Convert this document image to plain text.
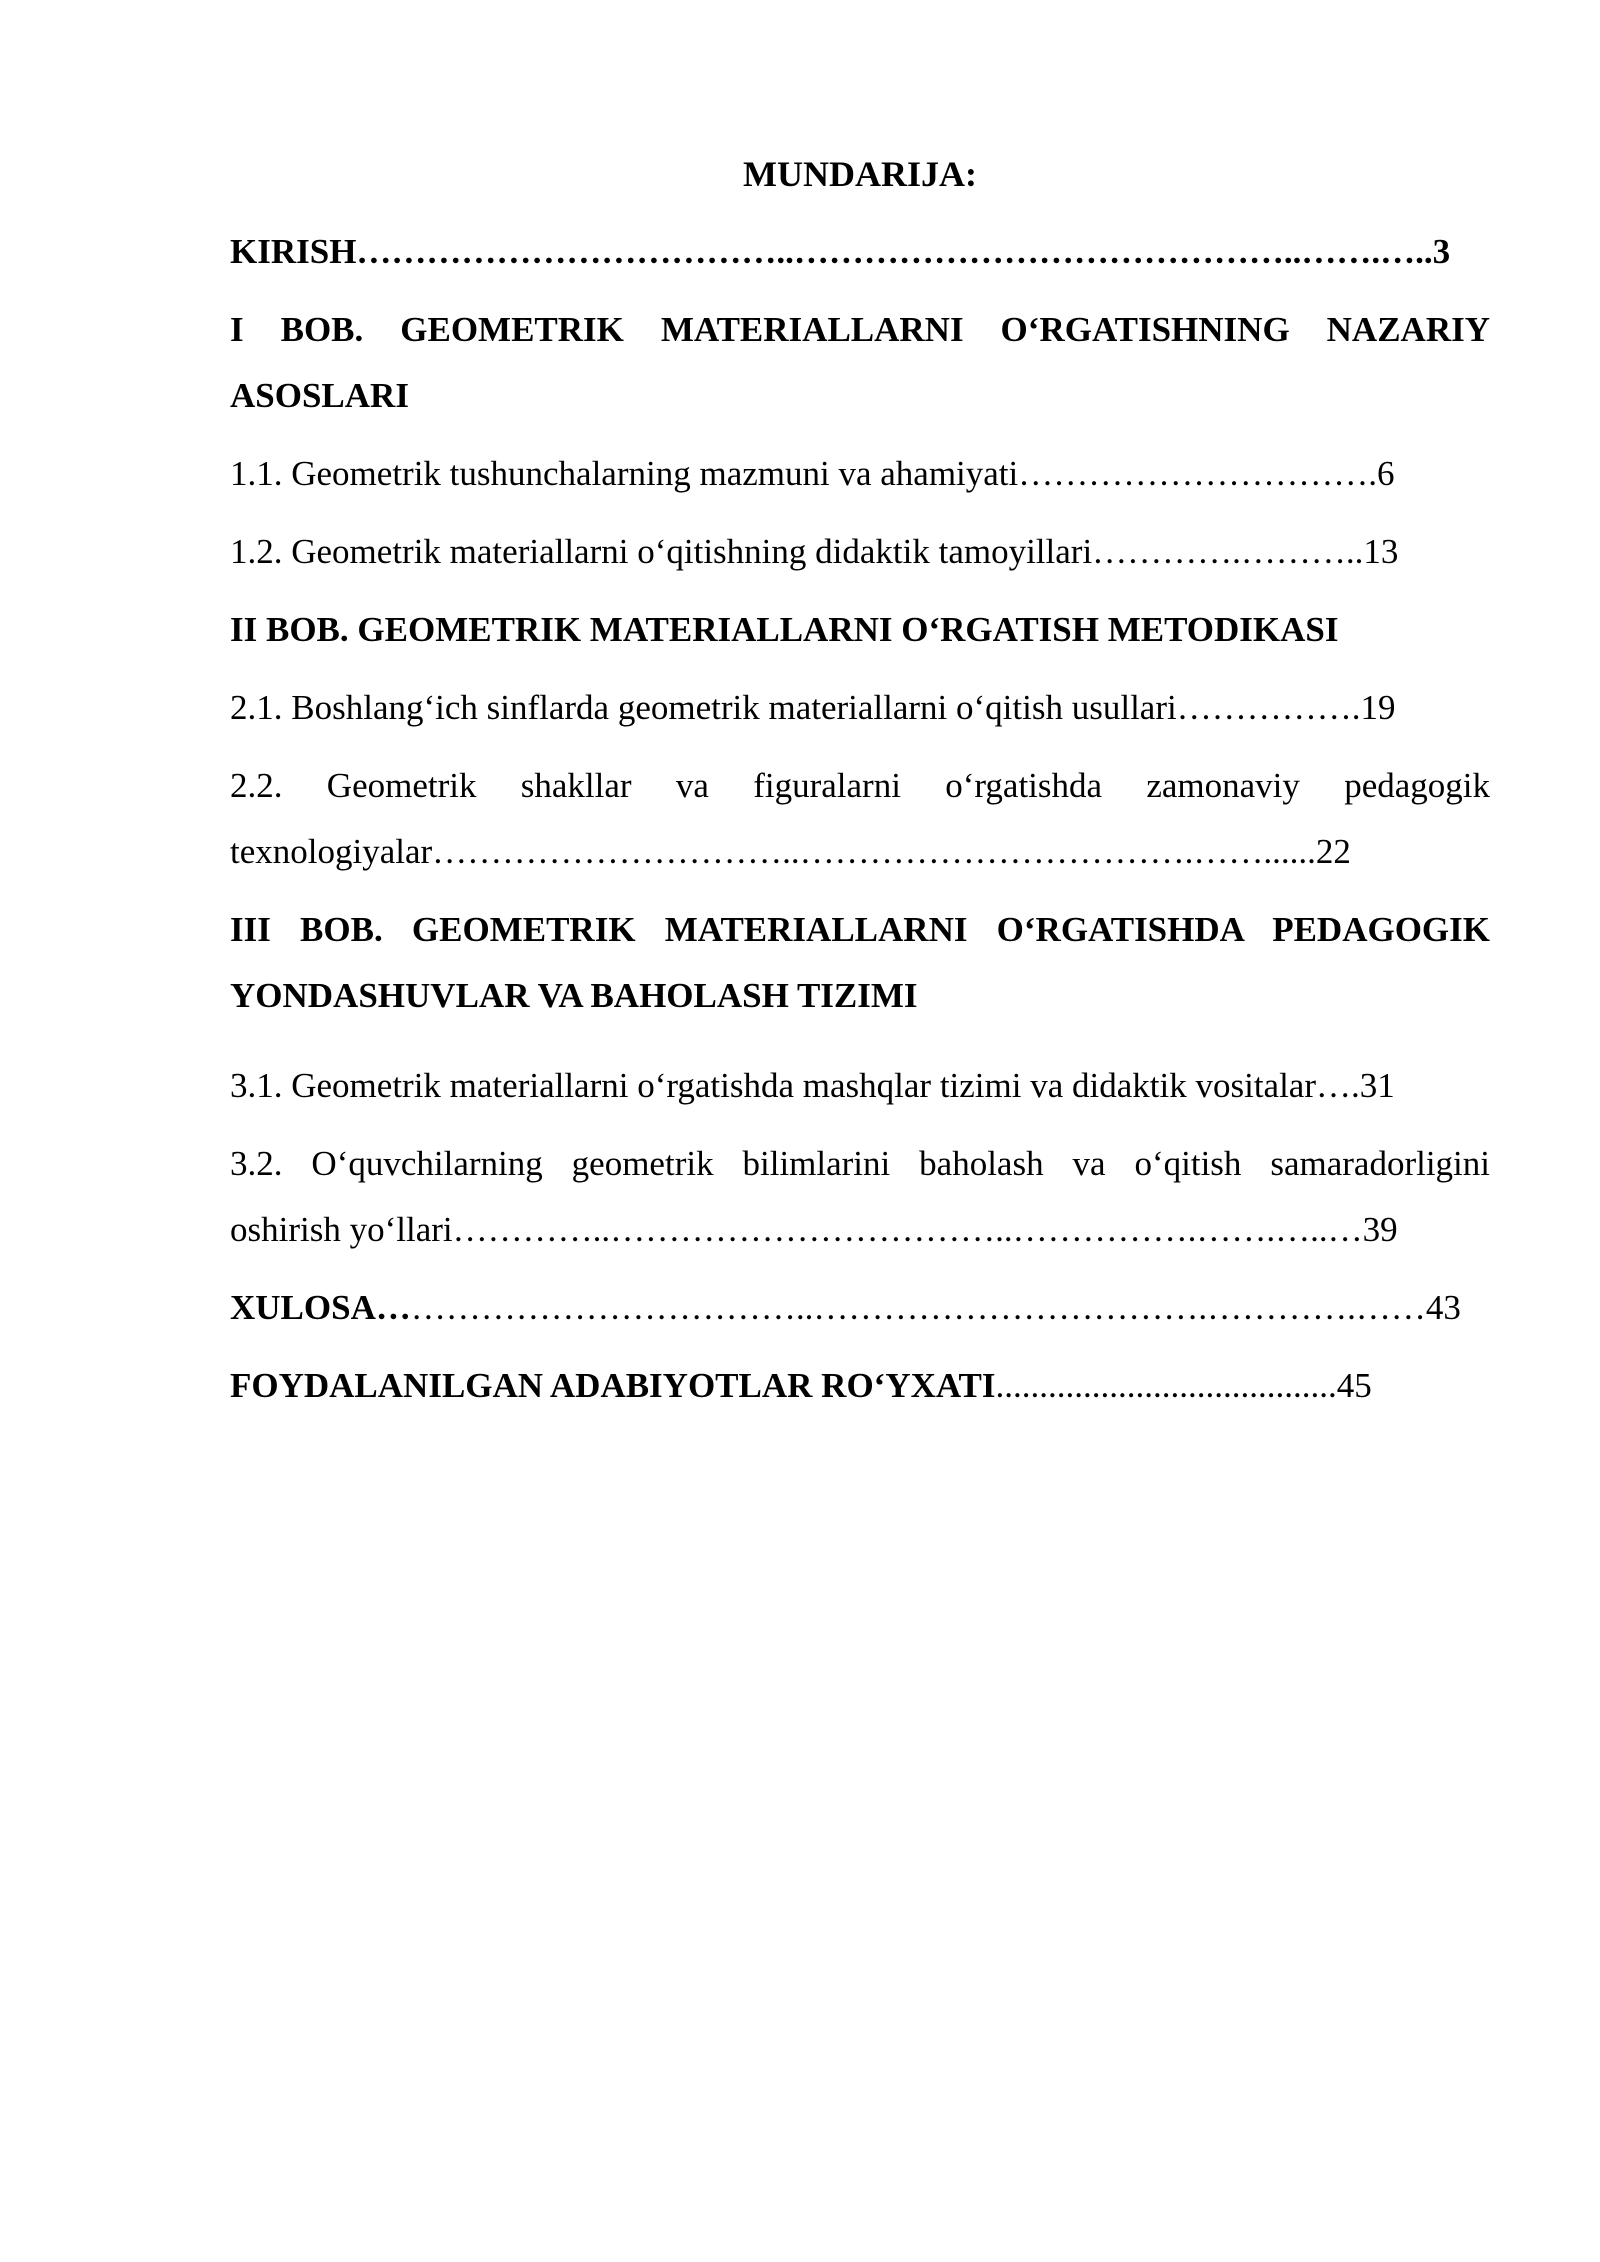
MUNDARIJA:
KIRISH………………………………..……………………………………..…….…..3
I BOB. GEOMETRIK MATERIALLARNI O‘RGATISHNING NAZARIY
ASOSLARI
1.1. Geometrik tushunchalarning mazmuni va ahamiyati………………………….6
1.2. Geometrik materiallarni o‘qitishning didaktik tamoyillari………….………..13
II BOB. GEOMETRIK MATERIALLARNI O‘RGATISH METODIKASI
2.1. Boshlang‘ich sinflarda geometrik materiallarni o‘qitish usullari…………….19
2.2. Geometrik shakllar va figuralarni o‘rgatishda zamonaviy pedagogik
texnologiyalar…………………………..…………………………….……......22
III BOB. GEOMETRIK MATERIALLARNI O‘RGATISHDA PEDAGOGIK
YONDASHUVLAR VA BAHOLASH TIZIMI
3.1. Geometrik materiallarni o‘rgatishda mashqlar tizimi va didaktik vositalar….31
3.2. O‘quvchilarning geometrik bilimlarini baholash va o‘qitish samaradorligini
oshirish yo‘llari…………..……………………………..…………….…….…..…39
XULOSA………………………………..…………………………….………….……43
FOYDALANILGAN ADABIYOTLAR RO‘YXATI.......................................45
